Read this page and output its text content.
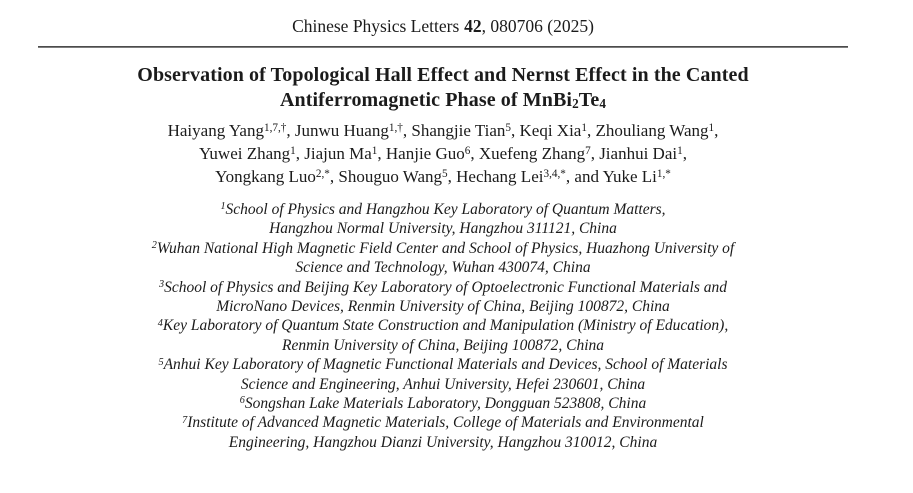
Chinese Physics Letters 42, 080706 (2025)
Observation of Topological Hall Effect and Nernst Effect in the Canted
Antiferromagnetic Phase of $MnBi_2Te_4$
Haiyang Yang$^{1,7,\dagger}$, Junwu Huang$^{1,\dagger}$, Shangjie Tian$^5$, Keqi Xia$^1$, Zhouliang Wang$^1$,
Yuwei Zhang$^1$, Jiajun Ma$^1$, Hanjie Guo$^6$, Xuefeng Zhang$^7$, Jianhui Dai$^1$,
Yongkang Luo$^{2,*}$, Shouguo Wang$^5$, Hechang Lei$^{3,4,*}$, and Yuke $Li^{1,*}$
$^1$School of Physics and Hangzhou Key Laboratory of Quantum Matters,
Hangzhou Normal University, Hangzhou 311121, China
$^2$Wuhan National High Magnetic Field Center and School of Physics, Huazhong University of
Science and Technology, Wuhan 430074, China
$^3$School of Physics and Beijing Key Laboratory of Optoelectronic Functional Materials and
MicroNano Devices, Renmin University of China, Beijing 100872, China
$^4$Key Laboratory of Quantum State Construction and Manipulation (Ministry of Education),
Renmin University of China, Beijing 100872, China
$^5$Anhui Key Laboratory of Magnetic Functional Materials and Devices, School of Materials
Science and Engineering, Anhui University, Hefei 230601, China
$^6$Songshan Lake Materials Laboratory, Dongguan 523808, China
$^7$Institute of Advanced Magnetic Materials, College of Materials and Environmental
Engineering, Hangzhou Dianzi University, Hangzhou 310012, China
